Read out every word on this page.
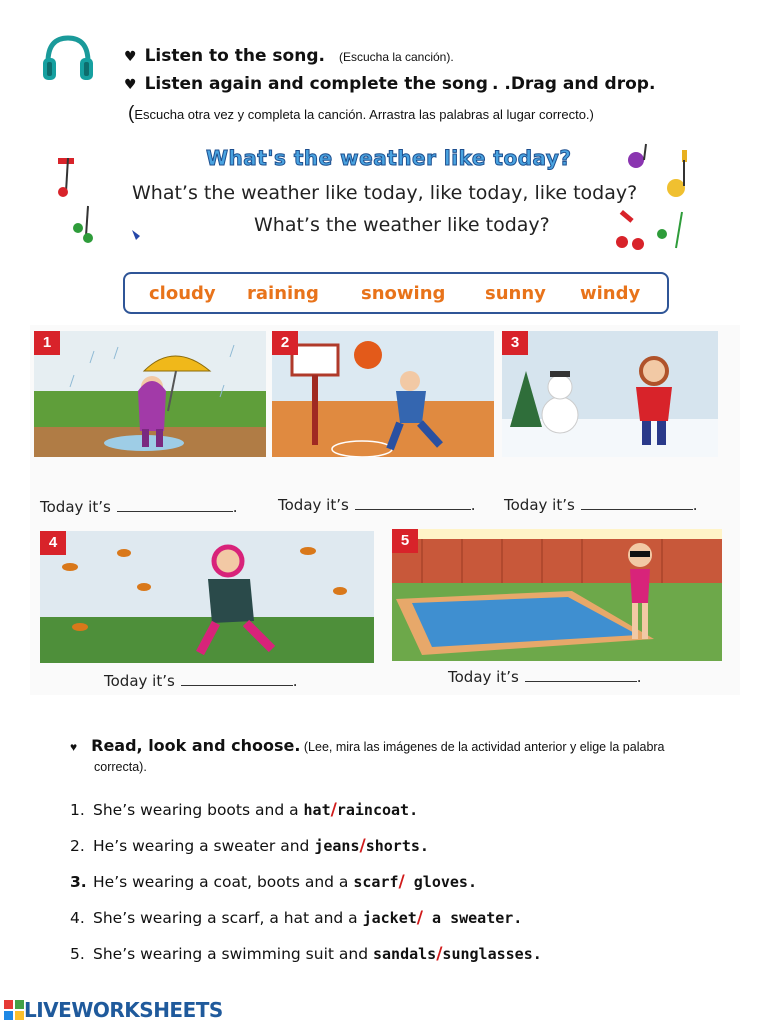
♥ Listen to the song. (Escucha la canción).
♥ Listen again and complete the song . .Drag and drop.
(Escucha otra vez y completa la canción. Arrastra las palabras al lugar correcto.)
What's the weather like today?
What’s the weather like today, like today, like today?
What’s the weather like today?
cloudy raining snowing sunny windy
1
Today it’s	.
2
Today it’s	.
3
Today it’s	.
4
Today it’s	.
5
Today it’s	.
♥ Read, look and choose. (Lee, mira las imágenes de la actividad anterior y elige la palabra
correcta).
1. She’s wearing boots and a hat/raincoat.
2. He’s wearing a sweater and jeans/shorts.
3. He’s wearing a coat, boots and a scarf/ gloves.
4. She’s wearing a scarf, a hat and a jacket/ a sweater.
5. She’s wearing a swimming suit and sandals/sunglasses.
LIVEWORKSHEETS
